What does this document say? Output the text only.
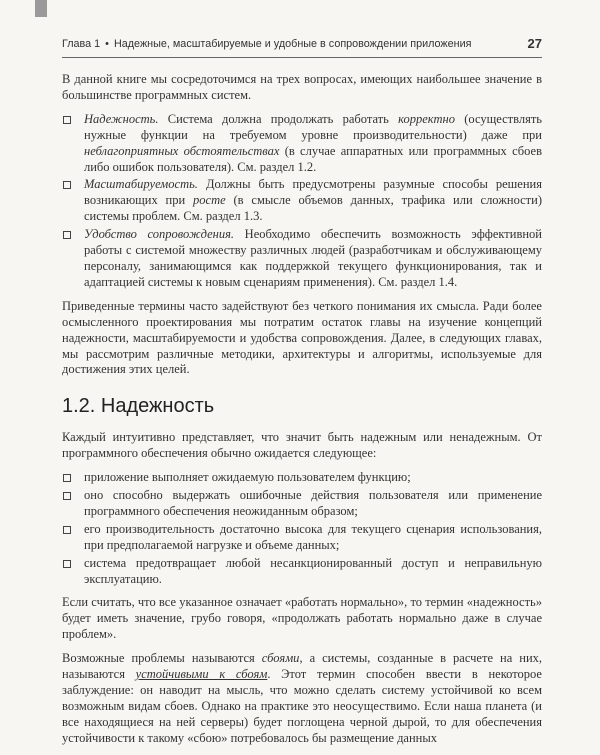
Глава 1 • Надежные, масштабируемые и удобные в сопровождении приложения	27

В данной книге мы сосредоточимся на трех вопросах, имеющих наибольшее значение в большинстве программных систем.

Надежность. Система должна продолжать работать корректно (осуществлять нужные функции на требуемом уровне производительности) даже при неблагоприятных обстоятельствах (в случае аппаратных или программных сбоев либо ошибок пользователя). См. раздел 1.2.
Масштабируемость. Должны быть предусмотрены разумные способы решения возникающих при росте (в смысле объемов данных, трафика или сложности) системы проблем. См. раздел 1.3.
Удобство сопровождения. Необходимо обеспечить возможность эффективной работы с системой множеству различных людей (разработчикам и обслуживающему персоналу, занимающимся как поддержкой текущего функционирования, так и адаптацией системы к новым сценариям применения). См. раздел 1.4.

Приведенные термины часто задействуют без четкого понимания их смысла. Ради более осмысленного проектирования мы потратим остаток главы на изучение концепций надежности, масштабируемости и удобства сопровождения. Далее, в следующих главах, мы рассмотрим различные методики, архитектуры и алгоритмы, используемые для достижения этих целей.

1.2. Надежность

Каждый интуитивно представляет, что значит быть надежным или ненадежным. От программного обеспечения обычно ожидается следующее:

приложение выполняет ожидаемую пользователем функцию;
оно способно выдержать ошибочные действия пользователя или применение программного обеспечения неожиданным образом;
его производительность достаточно высока для текущего сценария использования, при предполагаемой нагрузке и объеме данных;
система предотвращает любой несанкционированный доступ и неправильную эксплуатацию.

Если считать, что все указанное означает «работать нормально», то термин «надежность» будет иметь значение, грубо говоря, «продолжать работать нормально даже в случае проблем».

Возможные проблемы называются сбоями, а системы, созданные в расчете на них, называются устойчивыми к сбоям. Этот термин способен ввести в некоторое заблуждение: он наводит на мысль, что можно сделать систему устойчивой ко всем возможным видам сбоев. Однако на практике это неосуществимо. Если наша планета (и все находящиеся на ней серверы) будет поглощена черной дырой, то для обеспечения устойчивости к такому «сбою» потребовалось бы размещение данных
